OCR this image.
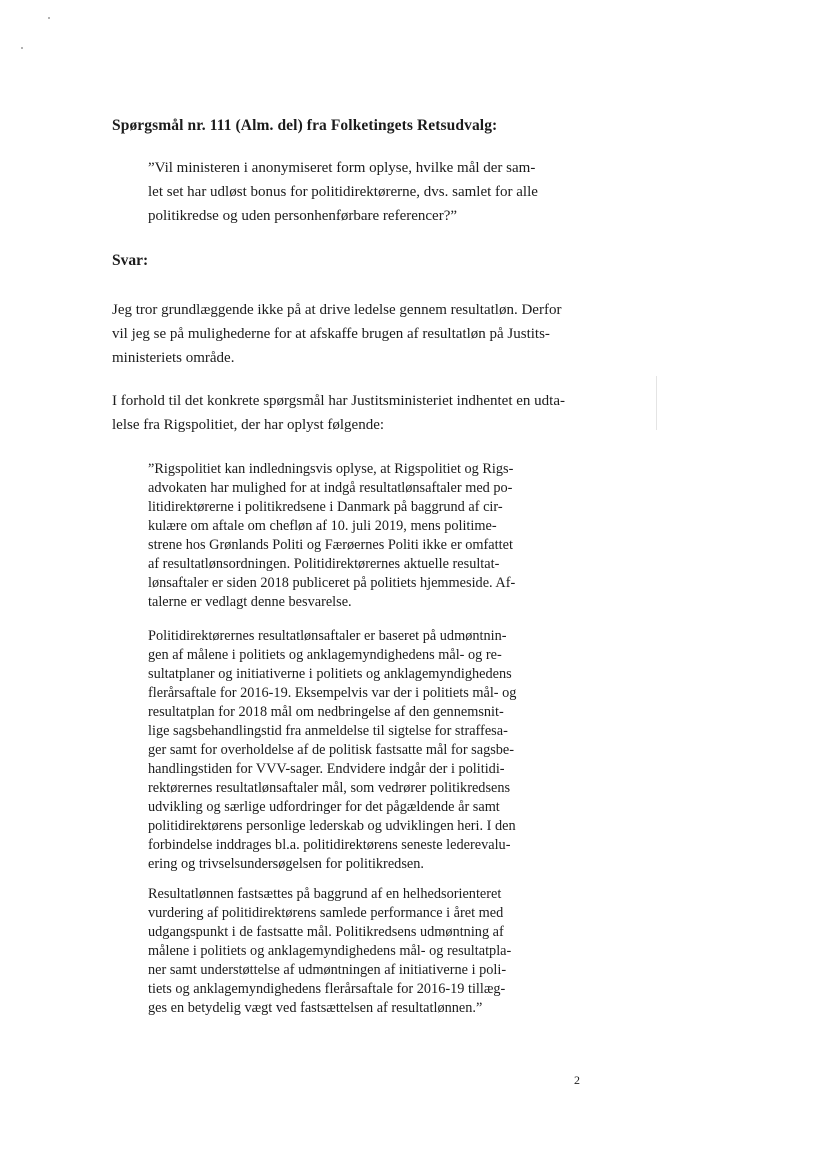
Spørgsmål nr. 111 (Alm. del) fra Folketingets Retsudvalg:
”Vil ministeren i anonymiseret form oplyse, hvilke mål der sam-
let set har udløst bonus for politidirektørerne, dvs. samlet for alle
politikredse og uden personhenførbare referencer?”
Svar:
Jeg tror grundlæggende ikke på at drive ledelse gennem resultatløn. Derfor
vil jeg se på mulighederne for at afskaffe brugen af resultatløn på Justits-
ministeriets område.
I forhold til det konkrete spørgsmål har Justitsministeriet indhentet en udta-
lelse fra Rigspolitiet, der har oplyst følgende:
”Rigspolitiet kan indledningsvis oplyse, at Rigspolitiet og Rigs-
advokaten har mulighed for at indgå resultatlønsaftaler med po-
litidirektørerne i politikredsene i Danmark på baggrund af cir-
kulære om aftale om chefløn af 10. juli 2019, mens politime-
strene hos Grønlands Politi og Færøernes Politi ikke er omfattet
af resultatlønsordningen. Politidirektørernes aktuelle resultat-
lønsaftaler er siden 2018 publiceret på politiets hjemmeside. Af-
talerne er vedlagt denne besvarelse.
Politidirektørernes resultatlønsaftaler er baseret på udmøntnin-
gen af målene i politiets og anklagemyndighedens mål- og re-
sultatplaner og initiativerne i politiets og anklagemyndighedens
flerårsaftale for 2016-19. Eksempelvis var der i politiets mål- og
resultatplan for 2018 mål om nedbringelse af den gennemsnit-
lige sagsbehandlingstid fra anmeldelse til sigtelse for straffesa-
ger samt for overholdelse af de politisk fastsatte mål for sagsbe-
handlingstiden for VVV-sager. Endvidere indgår der i politidi-
rektørernes resultatlønsaftaler mål, som vedrører politikredsens
udvikling og særlige udfordringer for det pågældende år samt
politidirektørens personlige lederskab og udviklingen heri. I den
forbindelse inddrages bl.a. politidirektørens seneste lederevalu-
ering og trivselsundersøgelsen for politikredsen.
Resultatlønnen fastsættes på baggrund af en helhedsorienteret
vurdering af politidirektørens samlede performance i året med
udgangspunkt i de fastsatte mål. Politikredsens udmøntning af
målene i politiets og anklagemyndighedens mål- og resultatpla-
ner samt understøttelse af udmøntningen af initiativerne i poli-
tiets og anklagemyndighedens flerårsaftale for 2016-19 tillæg-
ges en betydelig vægt ved fastsættelsen af resultatlønnen.”
2
